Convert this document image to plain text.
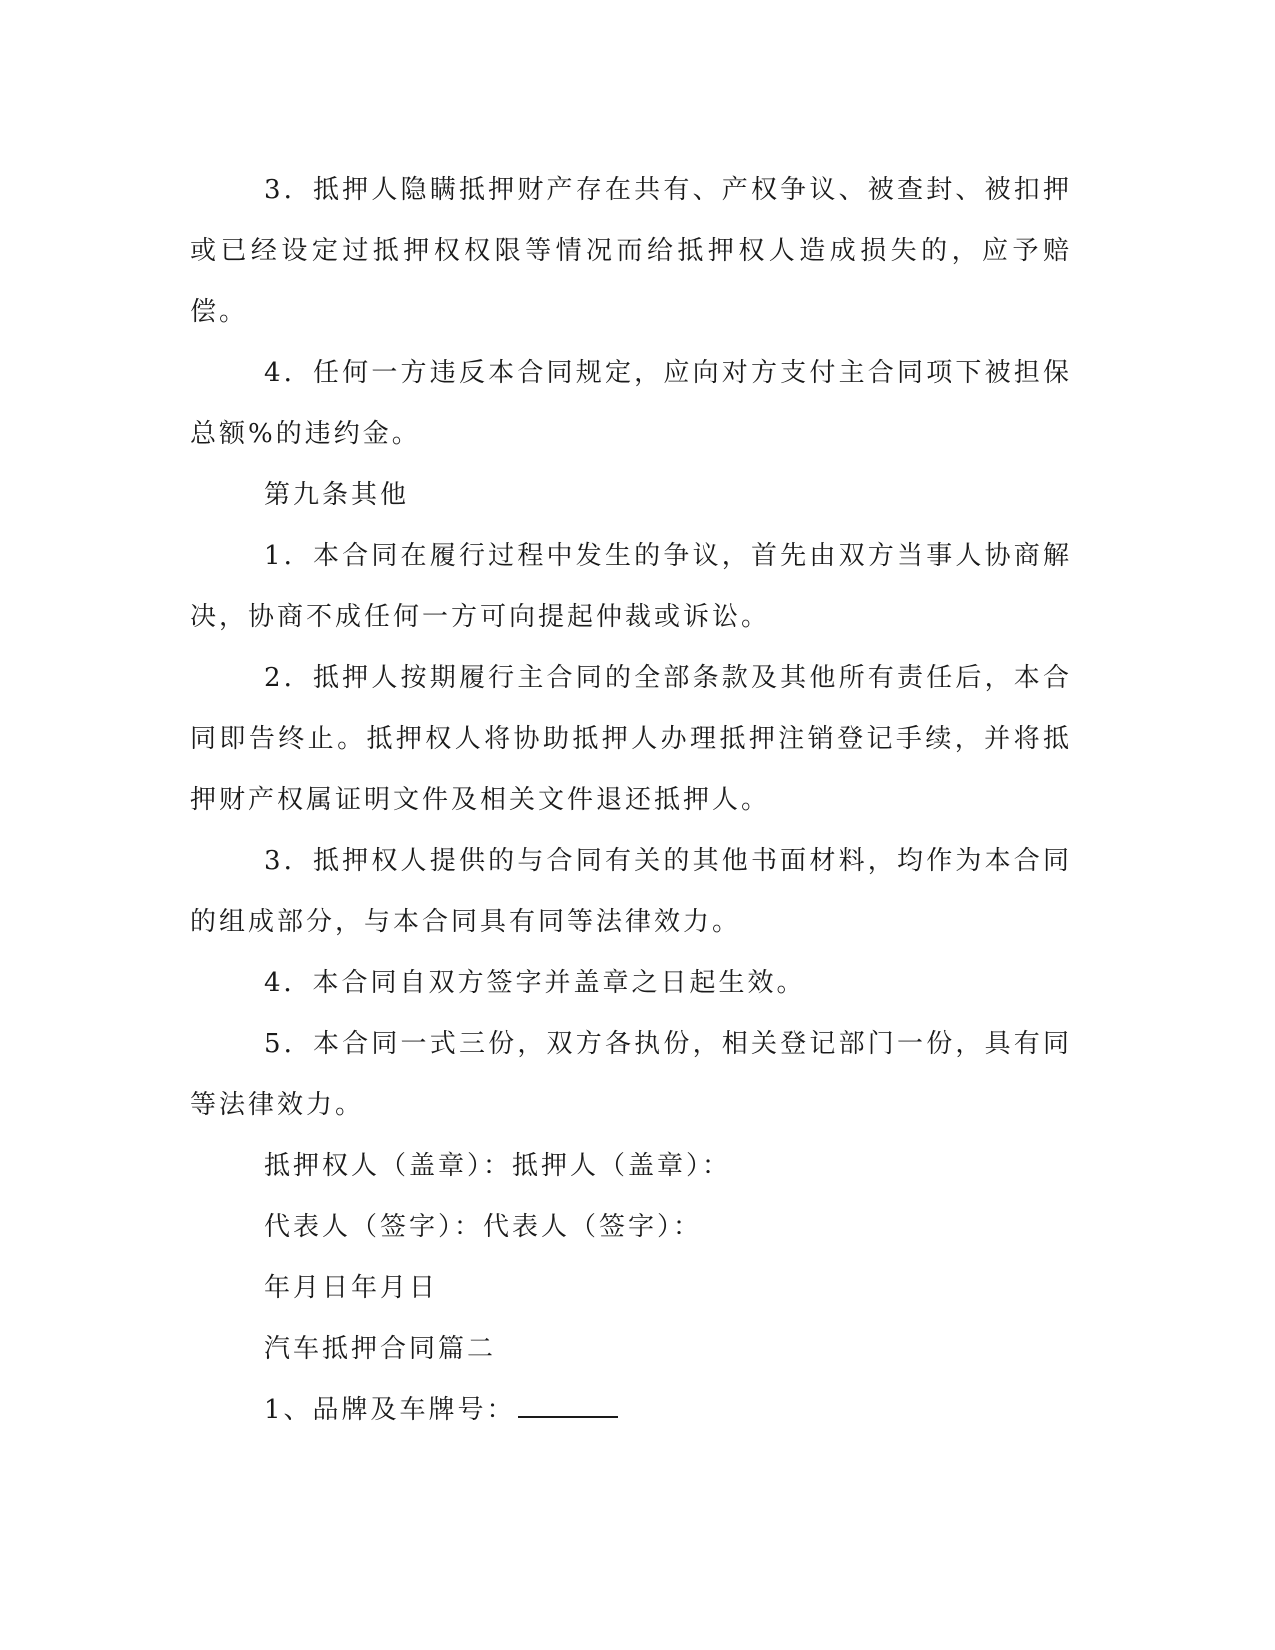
3．抵押人隐瞒抵押财产存在共有、产权争议、被查封、被扣押或已经设定过抵押权权限等情况而给抵押权人造成损失的，应予赔偿。

4．任何一方违反本合同规定，应向对方支付主合同项下被担保总额%的违约金。

第九条其他

1．本合同在履行过程中发生的争议，首先由双方当事人协商解决，协商不成任何一方可向提起仲裁或诉讼。

2．抵押人按期履行主合同的全部条款及其他所有责任后，本合同即告终止。抵押权人将协助抵押人办理抵押注销登记手续，并将抵押财产权属证明文件及相关文件退还抵押人。

3．抵押权人提供的与合同有关的其他书面材料，均作为本合同的组成部分，与本合同具有同等法律效力。

4．本合同自双方签字并盖章之日起生效。

5．本合同一式三份，双方各执份，相关登记部门一份，具有同等法律效力。

抵押权人（盖章）：抵押人（盖章）：

代表人（签字）：代表人（签字）：

年月日年月日

汽车抵押合同篇二

1、品牌及车牌号：
